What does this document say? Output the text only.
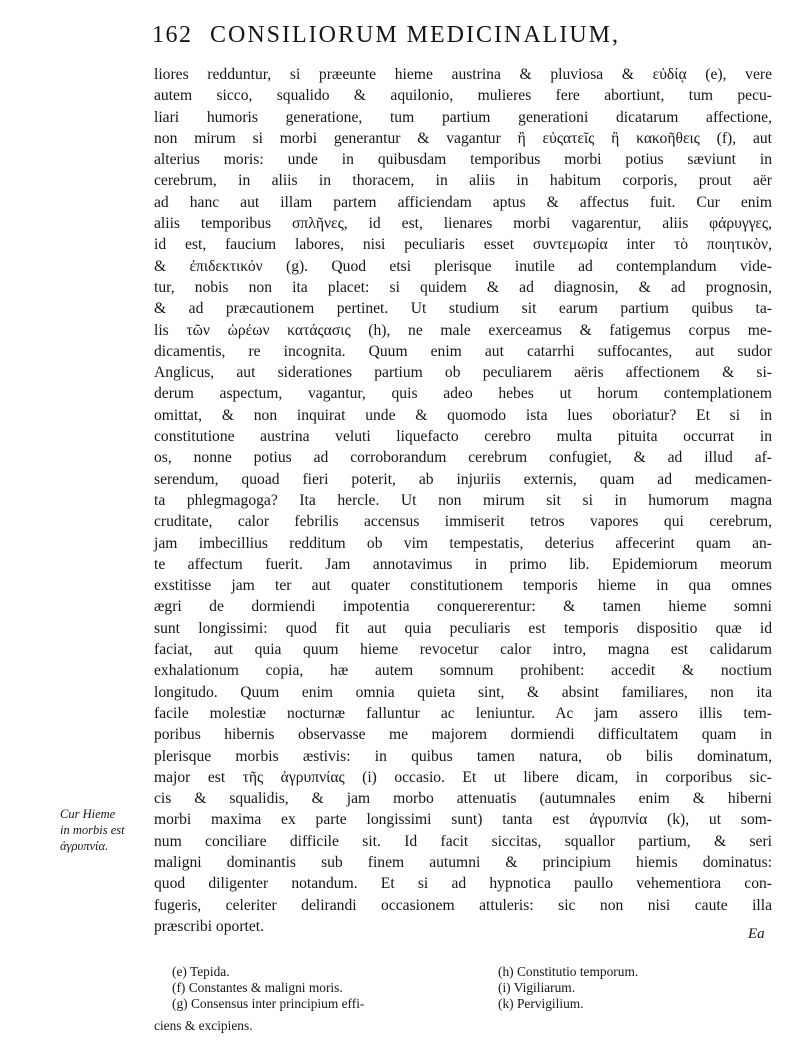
162 CONSILIORUM MEDICINALIUM,
liores redduntur, si præeunte hieme austrina & pluviosa & εὐδίᾳ (e), vere
autem sicco, squalido & aquilonio, mulieres fere abortiunt, tum pecu-
liari humoris generatione, tum partium generationi dicatarum affectione,
non mirum si morbi generantur & vagantur ἢ εὐςατεῖς ἢ κακοῆθεις (f), aut
alterius moris: unde in quibusdam temporibus morbi potius sæviunt in
cerebrum, in aliis in thoracem, in aliis in habitum corporis, prout aër
ad hanc aut illam partem afficiendam aptus & affectus fuit. Cur enim
aliis temporibus σπλῆνες, id est, lienares morbi vagarentur, aliis φάρυγγες,
id est, faucium labores, nisi peculiaris esset συντεμωρία inter τὸ ποιητικὸν,
& ἐπιδεκτικόν (g). Quod etsi plerisque inutile ad contemplandum vide-
tur, nobis non ita placet: si quidem & ad diagnosin, & ad prognosin,
& ad præcautionem pertinet. Ut studium sit earum partium quibus ta-
lis τῶν ὡρέων κατάςασις (h), ne male exerceamus & fatigemus corpus me-
dicamentis, re incognita. Quum enim aut catarrhi suffocantes, aut sudor
Anglicus, aut siderationes partium ob peculiarem aëris affectionem & si-
derum aspectum, vagantur, quis adeo hebes ut horum contemplationem
omittat, & non inquirat unde & quomodo ista lues oboriatur? Et si in
constitutione austrina veluti liquefacto cerebro multa pituita occurrat in
os, nonne potius ad corroborandum cerebrum confugiet, & ad illud af-
serendum, quoad fieri poterit, ab injuriis externis, quam ad medicamen-
ta phlegmagoga? Ita hercle. Ut non mirum sit si in humorum magna
cruditate, calor febrilis accensus immiserit tetros vapores qui cerebrum,
jam imbecillius redditum ob vim tempestatis, deterius affecerint quam an-
te affectum fuerit. Jam annotavimus in primo lib. Epidemiorum meorum
exstitisse jam ter aut quater constitutionem temporis hieme in qua omnes
ægri de dormiendi impotentia conquererentur: & tamen hieme somni
sunt longissimi: quod fit aut quia peculiaris est temporis dispositio quæ id
faciat, aut quia quum hieme revocetur calor intro, magna est calidarum
exhalationum copia, hæ autem somnum prohibent: accedit & noctium
longitudo. Quum enim omnia quieta sint, & absint familiares, non ita
facile molestiæ nocturnæ falluntur ac leniuntur. Ac jam assero illis tem-
poribus hibernis observasse me majorem dormiendi difficultatem quam in
plerisque morbis æstivis: in quibus tamen natura, ob bilis dominatum,
major est τῆς ἀγρυπνίας (i) occasio. Et ut libere dicam, in corporibus sic-
cis & squalidis, & jam morbo attenuatis (autumnales enim & hiberni
morbi maxima ex parte longissimi sunt) tanta est ἀγρυπνία (k), ut som-
num conciliare difficile sit. Id facit siccitas, squallor partium, & seri
maligni dominantis sub finem autumni & principium hiemis dominatus:
quod diligenter notandum. Et si ad hypnotica paullo vehementiora con-
fugeris, celeriter delirandi occasionem attuleris: sic non nisi caute illa
præscribi oportet.	Ea
Cur Hieme
in morbis est
ἀγρυπνία.
(e) Tepida.
(f) Constantes & maligni moris.
(g) Consensus inter principium effi-
(h) Constitutio temporum.
(i) Vigiliarum.
(k) Pervigilium.
ciens & excipiens.
